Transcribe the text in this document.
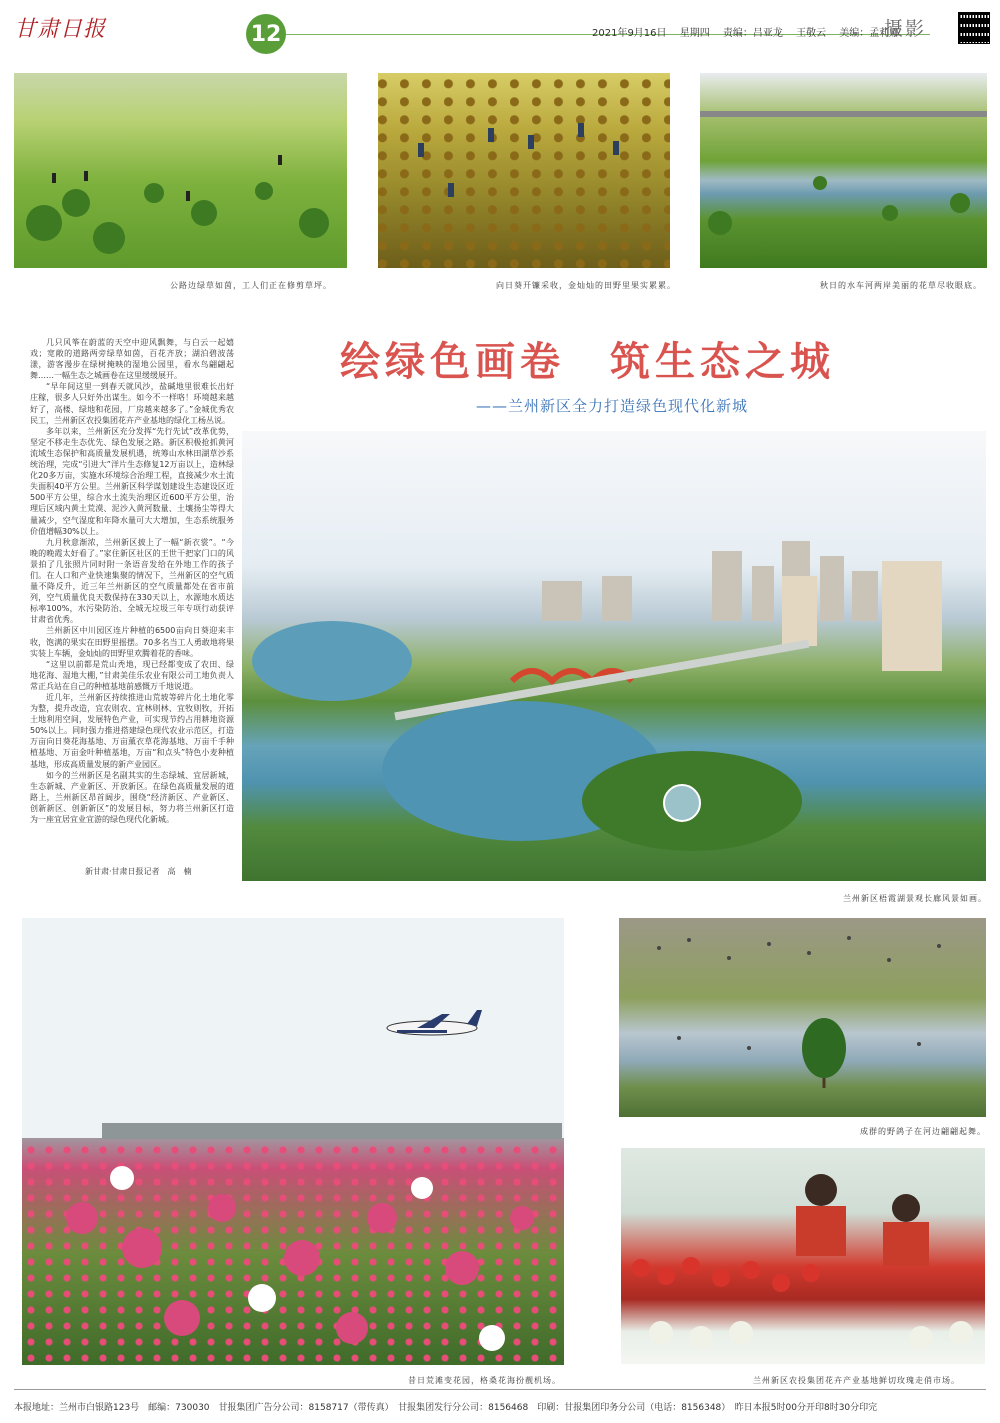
甘肃日报	12	2021年9月16日 星期四 责编：吕亚龙 王敬云 美编：孟莉娜
摄影
公路边绿草如茵，工人们正在修剪草坪。	向日葵开镰采收，金灿灿的田野里果实累累。	秋日的水车河两岸美丽的花草尽收眼底。
绘绿色画卷　筑生态之城
——兰州新区全力打造绿色现代化新城

几只风筝在蔚蓝的天空中迎风飘舞，与白云一起嬉戏；宽敞的道路两旁绿草如茵，百花齐放；湖泊碧波荡漾，游客漫步在绿树掩映的湿地公园里，看水鸟翩翩起舞……一幅生态之城画卷在这里缓缓展开。

“早年间这里一到春天就风沙，盐碱地里很难长出好庄稼，很多人只好外出谋生。如今不一样咯！环境越来越好了，高楼、绿地和花园，厂房越来越多了。”金城优秀农民工，兰州新区农投集团花卉产业基地的绿化工杨丛说。

多年以来，兰州新区充分发挥“先行先试”改革优势，坚定不移走生态优先、绿色发展之路。新区积极抢抓黄河流域生态保护和高质量发展机遇，统筹山水林田湖草沙系统治理，完成“引进大”洋片生态修复12万亩以上，造林绿化20多万亩，实施水环境综合治理工程，直接减少水土流失面积40平方公里。兰州新区科学谋划建设生态建设区近500平方公里，综合水土流失治理区近600平方公里，治理后区域内黄土荒漠、泥沙入黄河数量、土壤扬尘等得大量减少，空气湿度和年降水量可大大增加，生态系统服务价值增幅30%以上。

九月秋意渐浓，兰州新区披上了一幅“新衣裳”。“今晚的晚霞太好看了。”家住新区社区的王世干把家门口的风景拍了几张照片同时附一条语音发给在外地工作的孩子们。在人口和产业快速集聚的情况下，兰州新区的空气质量不降反升，近三年兰州新区的空气质量都处在省市前列，空气质量优良天数保持在330天以上，水源地水质达标率100%，水污染防治、全城无垃圾三年专项行动获评甘肃省优秀。

兰州新区中川园区连片种植的6500亩向日葵迎来丰收，饱满的果实在田野里摇摆。70多名当工人勇敢地将果实装上车辆，金灿灿的田野里欢腾着花的香味。

“这里以前都是荒山秃地，现已经都变成了农田、绿地花海、湿地大棚，”甘肃美佳乐农业有限公司工地负责人常正兵站在自己的种植基地前感慨万千地说道。

近几年，兰州新区持续推进山荒坡等碎片化土地化零为整，提升改造，宜农则农、宜林则林、宜牧则牧，开拓土地利用空间，发展特色产业，可实现节约占用耕地资源50%以上。同时强力推进搭建绿色现代农业示范区，打造万亩向日葵花海基地、万亩薰衣草花海基地、万亩千手种植基地、万亩金叶种植基地，万亩“和点头”特色小麦种植基地，形成高质量发展的新产业园区。

如今的兰州新区是名副其实的生态绿城、宜居新城，生态新城、产业新区、开放新区。在绿色高质量发展的道路上，兰州新区昂首阔步，围绕“经济新区、产业新区、创新新区、创新新区”的发展目标，努力将兰州新区打造为一座宜居宜业宜游的绿色现代化新城。

新甘肃·甘肃日报记者　高　楠
兰州新区梧霞湖景观长廊风景如画。
昔日荒滩变花园，格桑花海扮靓机场。
成群的野鸽子在河边翩翩起舞。
兰州新区农投集团花卉产业基地鲜切玫瑰走俏市场。
本报地址：兰州市白银路123号　邮编：730030　甘报集团广告分公司：8158717（带传真）　甘报集团发行分公司：8156468　印刷：甘报集团印务分公司（电话：8156348）　昨日本报5时00分开印8时30分印完
